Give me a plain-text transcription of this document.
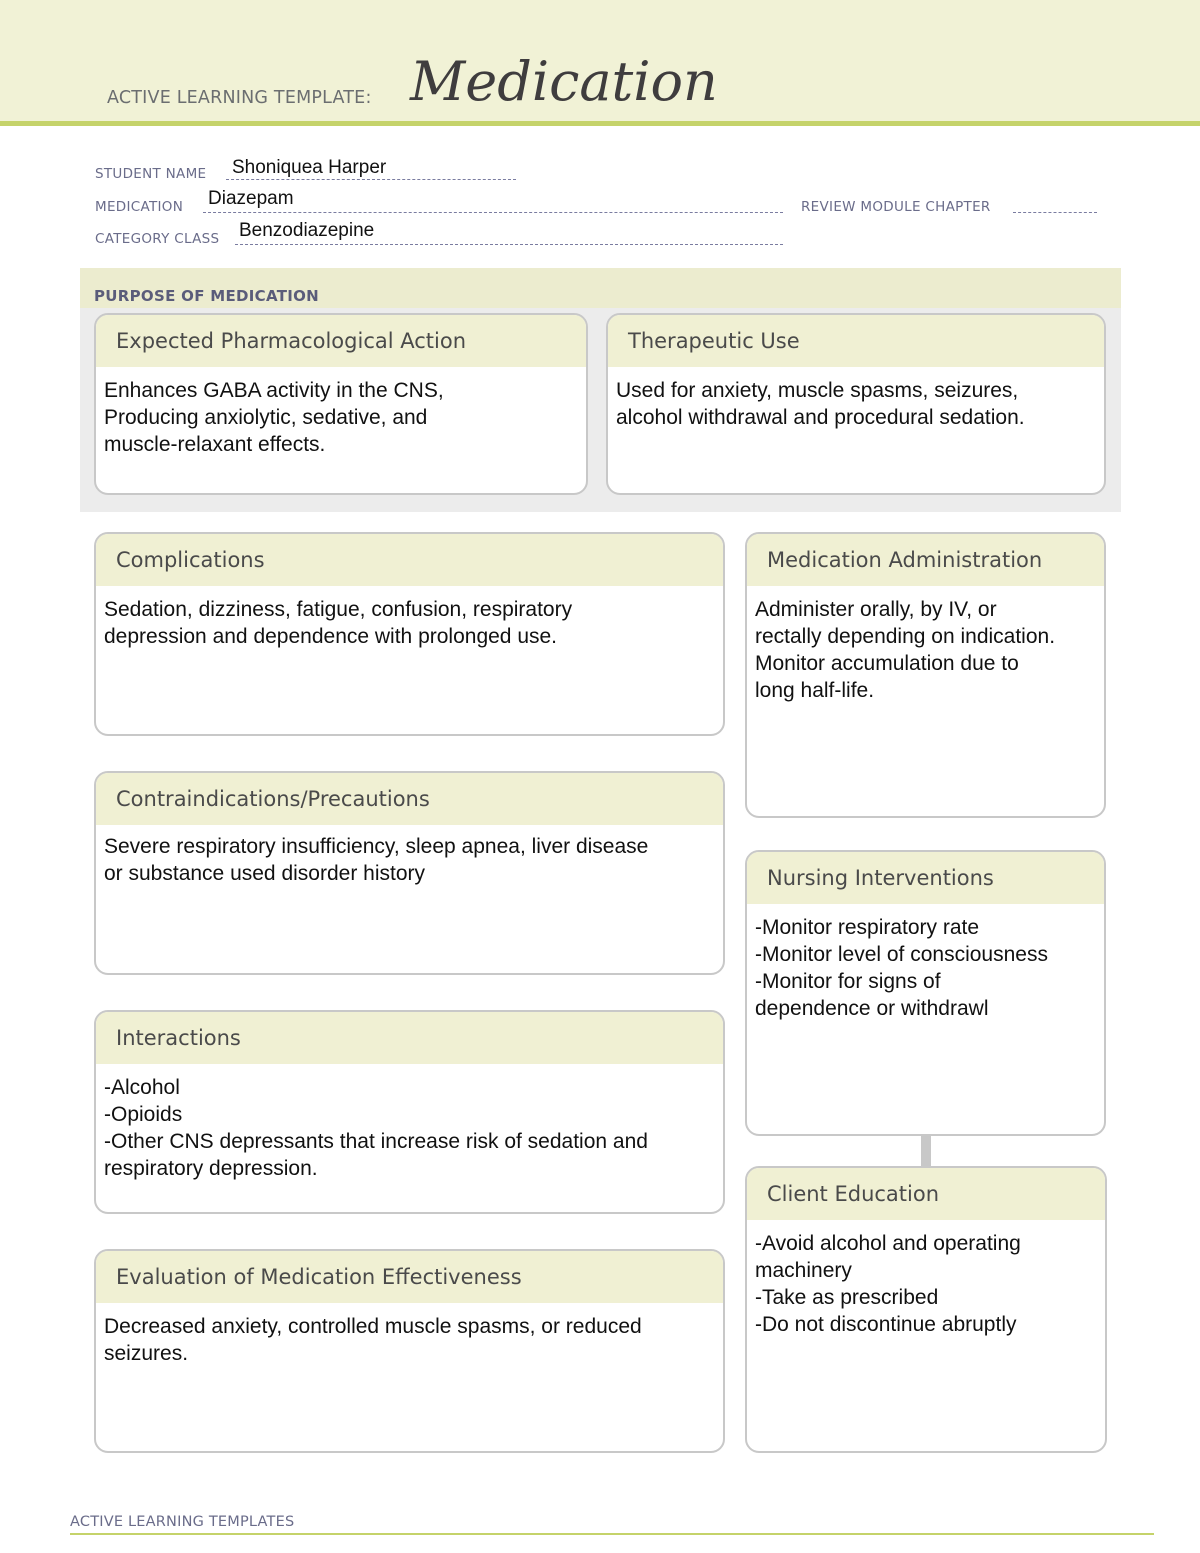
ACTIVE LEARNING TEMPLATE: Medication
STUDENT NAME Shoniquea Harper
MEDICATION Diazepam	REVIEW MODULE CHAPTER
CATEGORY CLASS Benzodiazepine
PURPOSE OF MEDICATION
Expected Pharmacological Action
Enhances GABA activity in the CNS,
Producing anxiolytic, sedative, and
muscle-relaxant effects.
Therapeutic Use
Used for anxiety, muscle spasms, seizures,
alcohol withdrawal and procedural sedation.
Complications
Sedation, dizziness, fatigue, confusion, respiratory
depression and dependence with prolonged use.
Contraindications/Precautions
Severe respiratory insufficiency, sleep apnea, liver disease
or substance used disorder history
Interactions
-Alcohol
-Opioids
-Other CNS depressants that increase risk of sedation and
respiratory depression.
Evaluation of Medication Effectiveness
Decreased anxiety, controlled muscle spasms, or reduced
seizures.
Medication Administration
Administer orally, by IV, or
rectally depending on indication.
Monitor accumulation due to
long half-life.
Nursing Interventions
-Monitor respiratory rate
-Monitor level of consciousness
-Monitor for signs of
dependence or withdrawl
Client Education
-Avoid alcohol and operating
machinery
-Take as prescribed
-Do not discontinue abruptly
ACTIVE LEARNING TEMPLATES
